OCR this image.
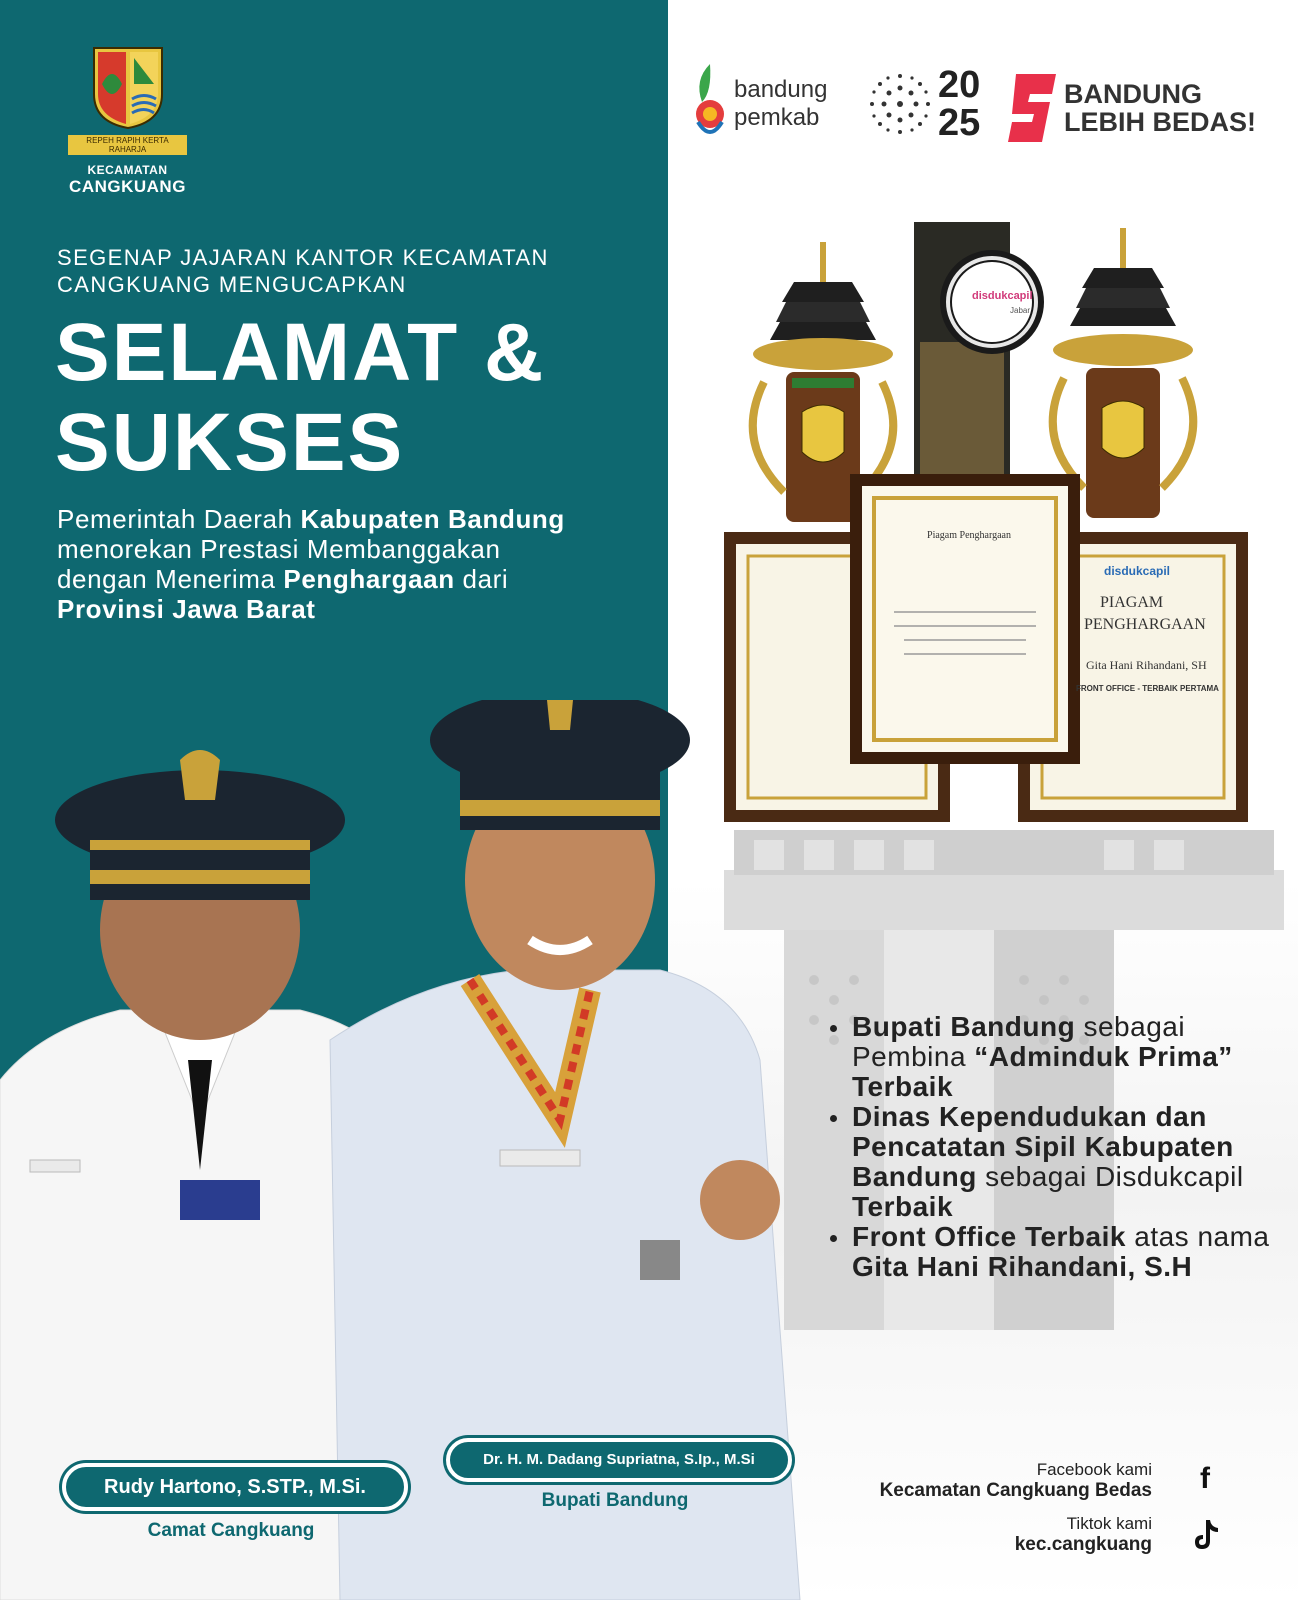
REPEH RAPIH KERTA RAHARJA
KECAMATAN
CANGKUANG
bandung
pemkab
20
25
BANDUNG
LEBIH BEDAS!
SEGENAP JAJARAN KANTOR KECAMATAN
CANGKUANG MENGUCAPKAN
SELAMAT &
SUKSES
Pemerintah Daerah Kabupaten Bandung
menorekan Prestasi Membanggakan
dengan Menerima Penghargaan dari
Provinsi Jawa Barat
disdukcapil
Jabar
Piagam Penghargaan
disdukcapil
PIAGAM
PENGHARGAAN
Gita Hani Rihandani, SH
FRONT OFFICE - TERBAIK PERTAMA
Rudy Hartono, S.STP., M.Si.
Camat Cangkuang
Dr. H. M. Dadang Supriatna, S.Ip., M.Si
Bupati Bandung
Bupati Bandung sebagai Pembina “Adminduk Prima” Terbaik
Dinas Kependudukan dan Pencatatan Sipil Kabupaten Bandung sebagai Disdukcapil Terbaik
Front Office Terbaik atas nama Gita Hani Rihandani, S.H
Facebook kami
Kecamatan Cangkuang Bedas f
Tiktok kami
kec.cangkuang
